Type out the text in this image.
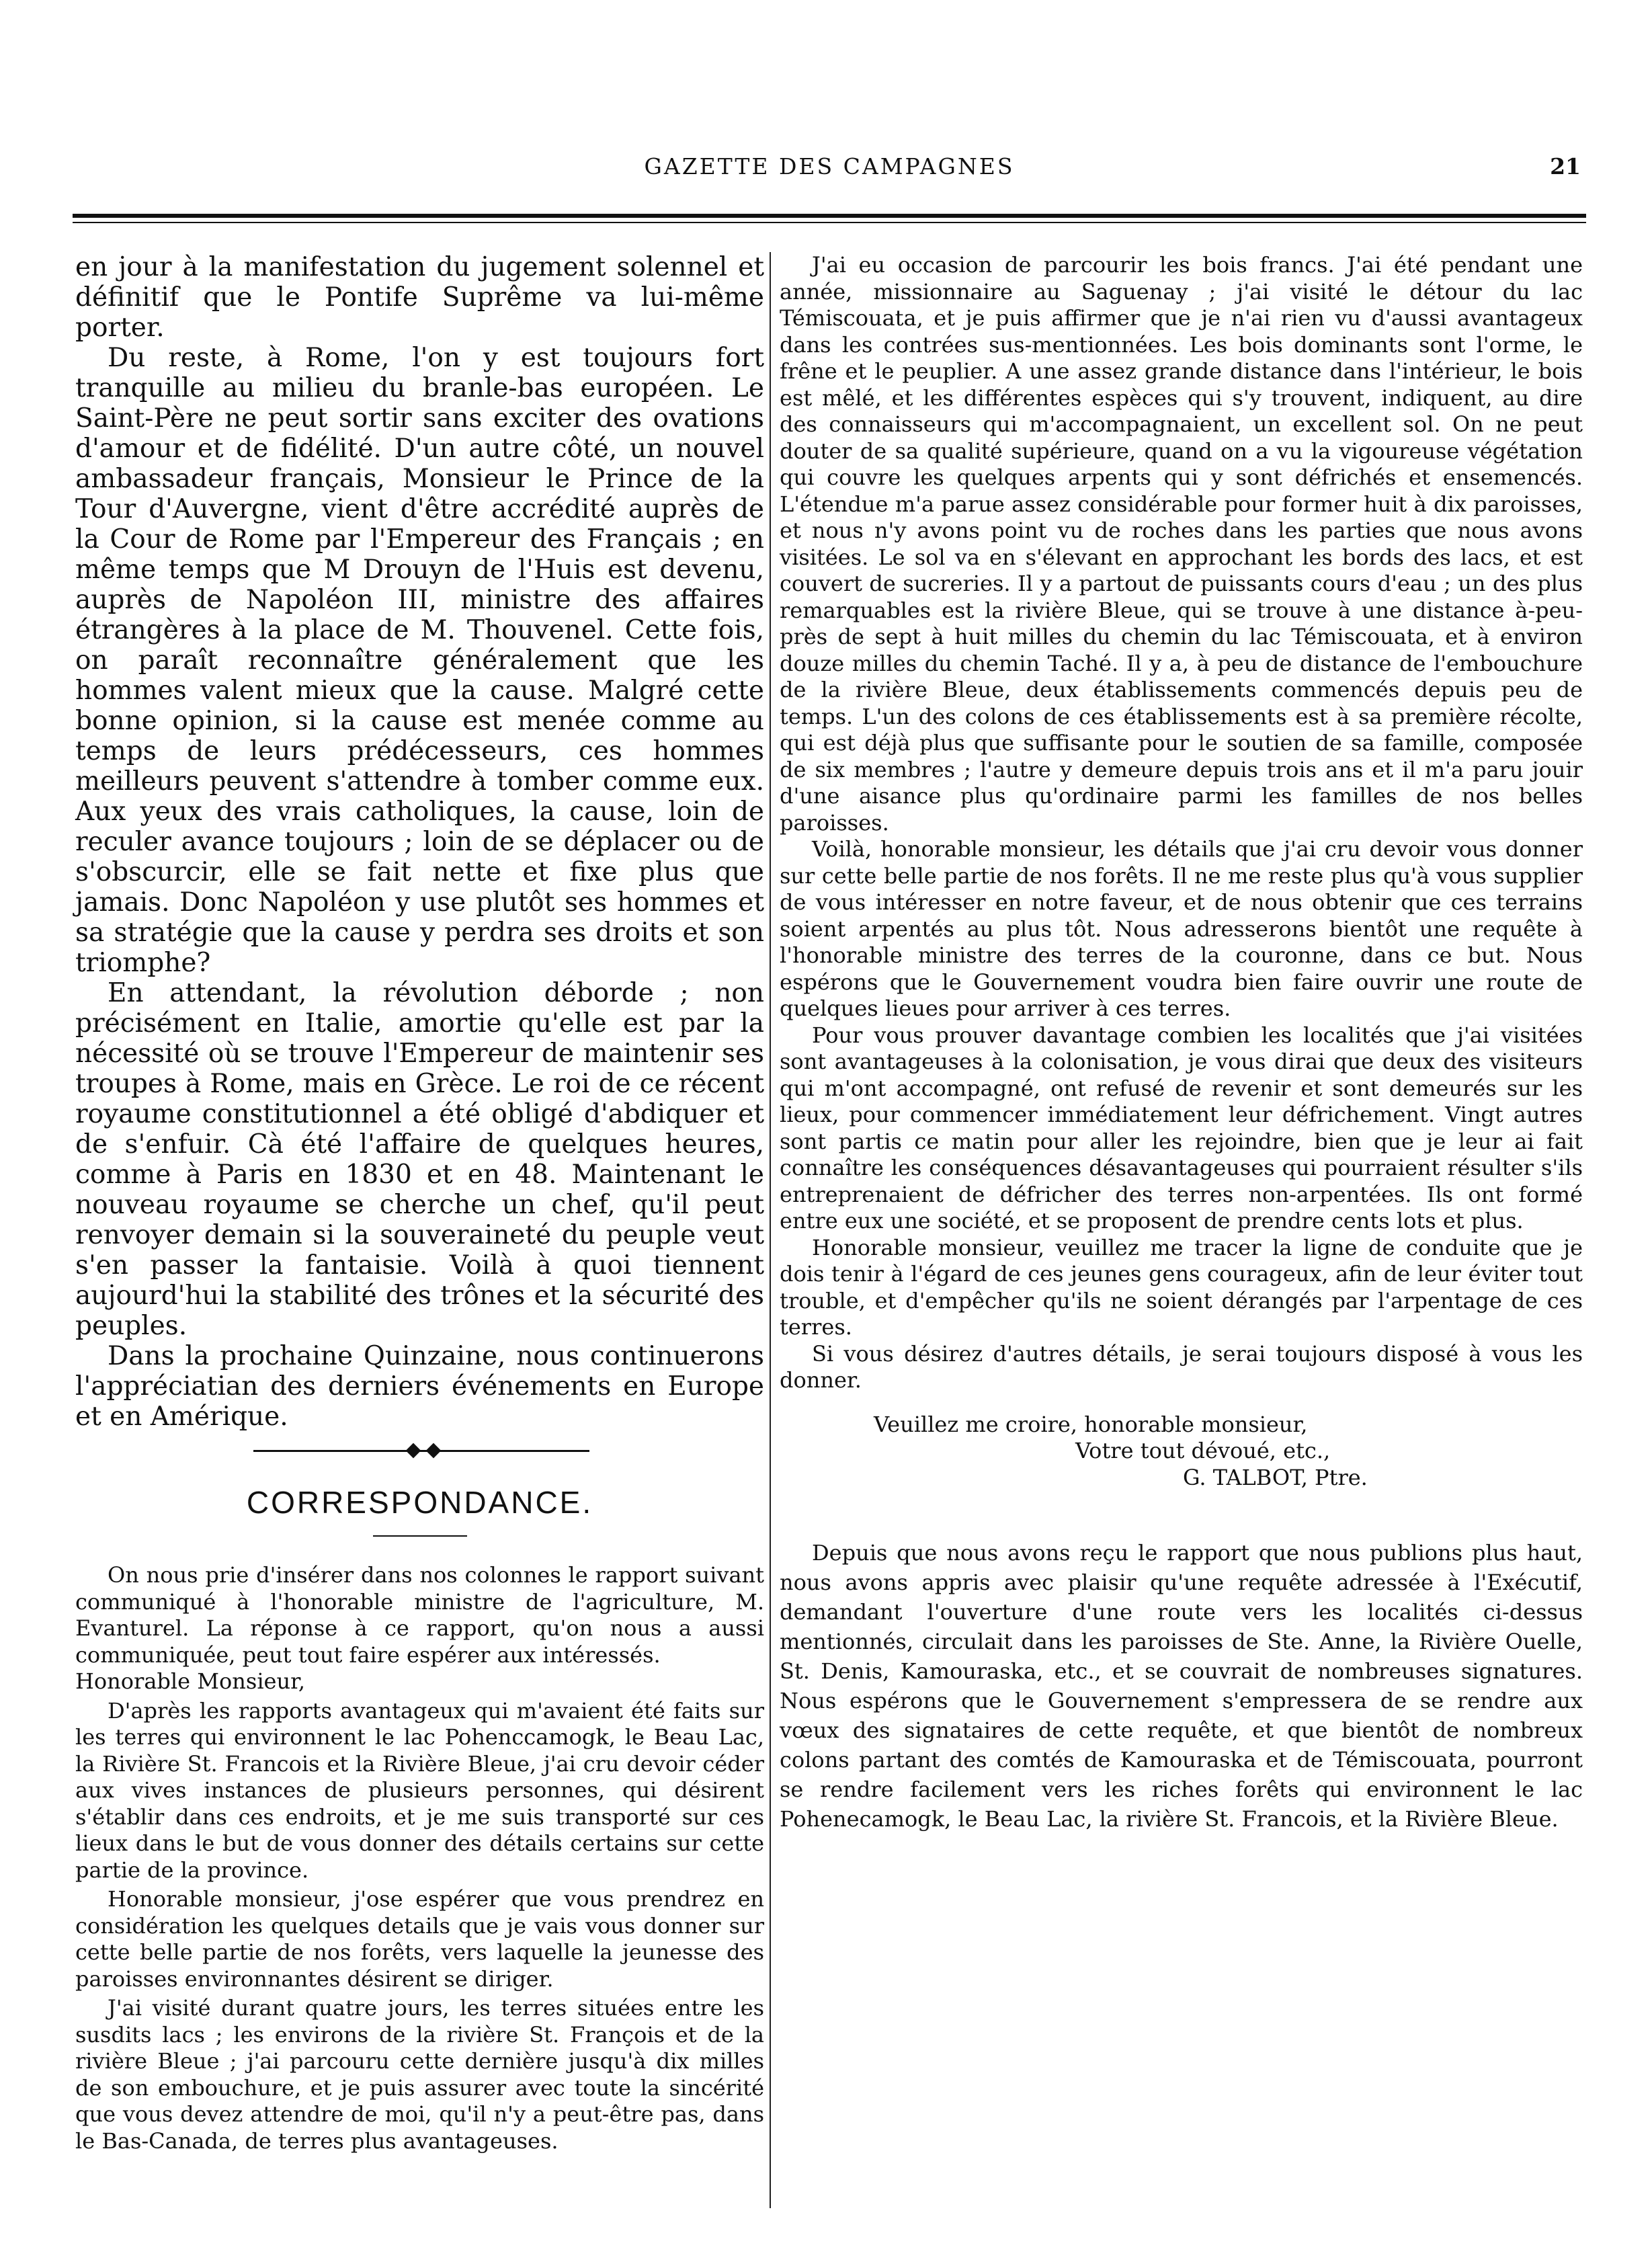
GAZETTE DES CAMPAGNES	21

en jour à la manifestation du jugement solennel et définitif que le Pontife Suprême va lui-même porter.

Du reste, à Rome, l'on y est toujours fort tranquille au milieu du branle-bas européen. Le Saint-Père ne peut sortir sans exciter des ovations d'amour et de fidélité. D'un autre côté, un nouvel ambassadeur français, Monsieur le Prince de la Tour d'Auvergne, vient d'être accrédité auprès de la Cour de Rome par l'Empereur des Français ; en même temps que M Drouyn de l'Huis est devenu, auprès de Napoléon III, ministre des affaires étrangères à la place de M. Thouvenel. Cette fois, on paraît reconnaître généralement que les hommes valent mieux que la cause. Malgré cette bonne opinion, si la cause est menée comme au temps de leurs prédécesseurs, ces hommes meilleurs peuvent s'attendre à tomber comme eux. Aux yeux des vrais catholiques, la cause, loin de reculer avance toujours ; loin de se déplacer ou de s'obscurcir, elle se fait nette et fixe plus que jamais. Donc Napoléon y use plutôt ses hommes et sa stratégie que la cause y perdra ses droits et son triomphe?

En attendant, la révolution déborde ; non précisément en Italie, amortie qu'elle est par la nécessité où se trouve l'Empereur de maintenir ses troupes à Rome, mais en Grèce. Le roi de ce récent royaume constitutionnel a été obligé d'abdiquer et de s'enfuir. Cà été l'affaire de quelques heures, comme à Paris en 1830 et en 48. Maintenant le nouveau royaume se cherche un chef, qu'il peut renvoyer demain si la souveraineté du peuple veut s'en passer la fantaisie. Voilà à quoi tiennent aujourd'hui la stabilité des trônes et la sécurité des peuples.

Dans la prochaine Quinzaine, nous continuerons l'appréciatian des derniers événements en Europe et en Amérique.

CORRESPONDANCE.

On nous prie d'insérer dans nos colonnes le rapport suivant communiqué à l'honorable ministre de l'agriculture, M. Evanturel. La réponse à ce rapport, qu'on nous a aussi communiquée, peut tout faire espérer aux intéressés.

Honorable Monsieur,

D'après les rapports avantageux qui m'avaient été faits sur les terres qui environnent le lac Pohenccamogk, le Beau Lac, la Rivière St. Francois et la Rivière Bleue, j'ai cru devoir céder aux vives instances de plusieurs personnes, qui désirent s'établir dans ces endroits, et je me suis transporté sur ces lieux dans le but de vous donner des détails certains sur cette partie de la province.

Honorable monsieur, j'ose espérer que vous prendrez en considération les quelques details que je vais vous donner sur cette belle partie de nos forêts, vers laquelle la jeunesse des paroisses environnantes désirent se diriger.

J'ai visité durant quatre jours, les terres situées entre les susdits lacs ; les environs de la rivière St. François et de la rivière Bleue ; j'ai parcouru cette dernière jusqu'à dix milles de son embouchure, et je puis assurer avec toute la sincérité que vous devez attendre de moi, qu'il n'y a peut-être pas, dans le Bas-Canada, de terres plus avantageuses.

J'ai eu occasion de parcourir les bois francs. J'ai été pendant une année, missionnaire au Saguenay ; j'ai visité le détour du lac Témiscouata, et je puis affirmer que je n'ai rien vu d'aussi avantageux dans les contrées sus-mentionnées. Les bois dominants sont l'orme, le frêne et le peuplier. A une assez grande distance dans l'intérieur, le bois est mêlé, et les différentes espèces qui s'y trouvent, indiquent, au dire des connaisseurs qui m'accompagnaient, un excellent sol. On ne peut douter de sa qualité supérieure, quand on a vu la vigoureuse végétation qui couvre les quelques arpents qui y sont défrichés et ensemencés. L'étendue m'a parue assez considérable pour former huit à dix paroisses, et nous n'y avons point vu de roches dans les parties que nous avons visitées. Le sol va en s'élevant en approchant les bords des lacs, et est couvert de sucreries. Il y a partout de puissants cours d'eau ; un des plus remarquables est la rivière Bleue, qui se trouve à une distance à-peu-près de sept à huit milles du chemin du lac Témiscouata, et à environ douze milles du chemin Taché. Il y a, à peu de distance de l'embouchure de la rivière Bleue, deux établissements commencés depuis peu de temps. L'un des colons de ces établissements est à sa première récolte, qui est déjà plus que suffisante pour le soutien de sa famille, composée de six membres ; l'autre y demeure depuis trois ans et il m'a paru jouir d'une aisance plus qu'ordinaire parmi les familles de nos belles paroisses.

Voilà, honorable monsieur, les détails que j'ai cru devoir vous donner sur cette belle partie de nos forêts. Il ne me reste plus qu'à vous supplier de vous intéresser en notre faveur, et de nous obtenir que ces terrains soient arpentés au plus tôt. Nous adresserons bientôt une requête à l'honorable ministre des terres de la couronne, dans ce but. Nous espérons que le Gouvernement voudra bien faire ouvrir une route de quelques lieues pour arriver à ces terres.

Pour vous prouver davantage combien les localités que j'ai visitées sont avantageuses à la colonisation, je vous dirai que deux des visiteurs qui m'ont accompagné, ont refusé de revenir et sont demeurés sur les lieux, pour commencer immédiatement leur défrichement. Vingt autres sont partis ce matin pour aller les rejoindre, bien que je leur ai fait connaître les conséquences désavantageuses qui pourraient résulter s'ils entreprenaient de défricher des terres non-arpentées. Ils ont formé entre eux une société, et se proposent de prendre cents lots et plus.

Honorable monsieur, veuillez me tracer la ligne de conduite que je dois tenir à l'égard de ces jeunes gens courageux, afin de leur éviter tout trouble, et d'empêcher qu'ils ne soient dérangés par l'arpentage de ces terres.

Si vous désirez d'autres détails, je serai toujours disposé à vous les donner.

Veuillez me croire, honorable monsieur,

Votre tout dévoué, etc.,

G. TALBOT, Ptre.

Depuis que nous avons reçu le rapport que nous publions plus haut, nous avons appris avec plaisir qu'une requête adressée à l'Exécutif, demandant l'ouverture d'une route vers les localités ci-dessus mentionnés, circulait dans les paroisses de Ste. Anne, la Rivière Ouelle, St. Denis, Kamouraska, etc., et se couvrait de nombreuses signatures. Nous espérons que le Gouvernement s'empressera de se rendre aux vœux des signataires de cette requête, et que bientôt de nombreux colons partant des comtés de Kamouraska et de Témiscouata, pourront se rendre facilement vers les riches forêts qui environnent le lac Pohenecamogk, le Beau Lac, la rivière St. Francois, et la Rivière Bleue.
